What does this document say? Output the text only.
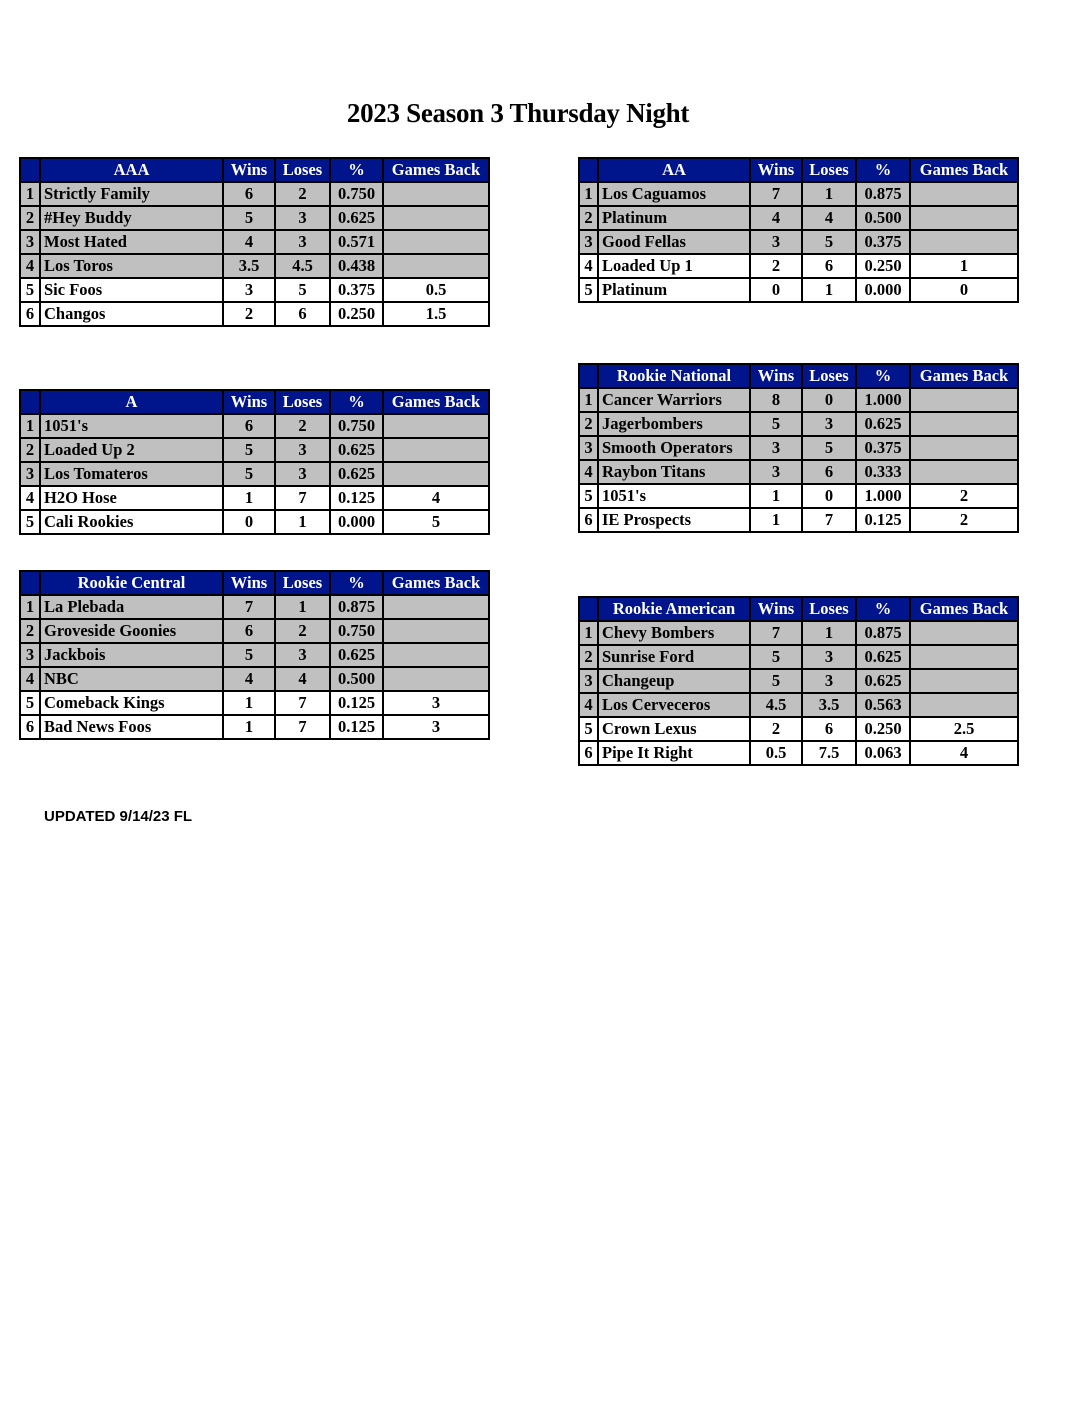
2023 Season 3 Thursday Night
	AAA	Wins	Loses	%	Games Back
1	Strictly Family	6	2	0.750	
2	#Hey Buddy	5	3	0.625	
3	Most Hated	4	3	0.571	
4	Los Toros	3.5	4.5	0.438	
5	Sic Foos	3	5	0.375	0.5
6	Changos	2	6	0.250	1.5
	AA	Wins	Loses	%	Games Back
1	Los Caguamos	7	1	0.875	
2	Platinum	4	4	0.500	
3	Good Fellas	3	5	0.375	
4	Loaded Up 1	2	6	0.250	1
5	Platinum	0	1	0.000	0
	A	Wins	Loses	%	Games Back
1	1051's	6	2	0.750	
2	Loaded Up 2	5	3	0.625	
3	Los Tomateros	5	3	0.625	
4	H2O Hose	1	7	0.125	4
5	Cali Rookies	0	1	0.000	5
	Rookie National	Wins	Loses	%	Games Back
1	Cancer Warriors	8	0	1.000	
2	Jagerbombers	5	3	0.625	
3	Smooth Operators	3	5	0.375	
4	Raybon Titans	3	6	0.333	
5	1051's	1	0	1.000	2
6	IE Prospects	1	7	0.125	2
	Rookie Central	Wins	Loses	%	Games Back
1	La Plebada	7	1	0.875	
2	Groveside Goonies	6	2	0.750	
3	Jackbois	5	3	0.625	
4	NBC	4	4	0.500	
5	Comeback Kings	1	7	0.125	3
6	Bad News Foos	1	7	0.125	3
	Rookie American	Wins	Loses	%	Games Back
1	Chevy Bombers	7	1	0.875	
2	Sunrise Ford	5	3	0.625	
3	Changeup	5	3	0.625	
4	Los Cerveceros	4.5	3.5	0.563	
5	Crown Lexus	2	6	0.250	2.5
6	Pipe It Right	0.5	7.5	0.063	4
UPDATED 9/14/23 FL
